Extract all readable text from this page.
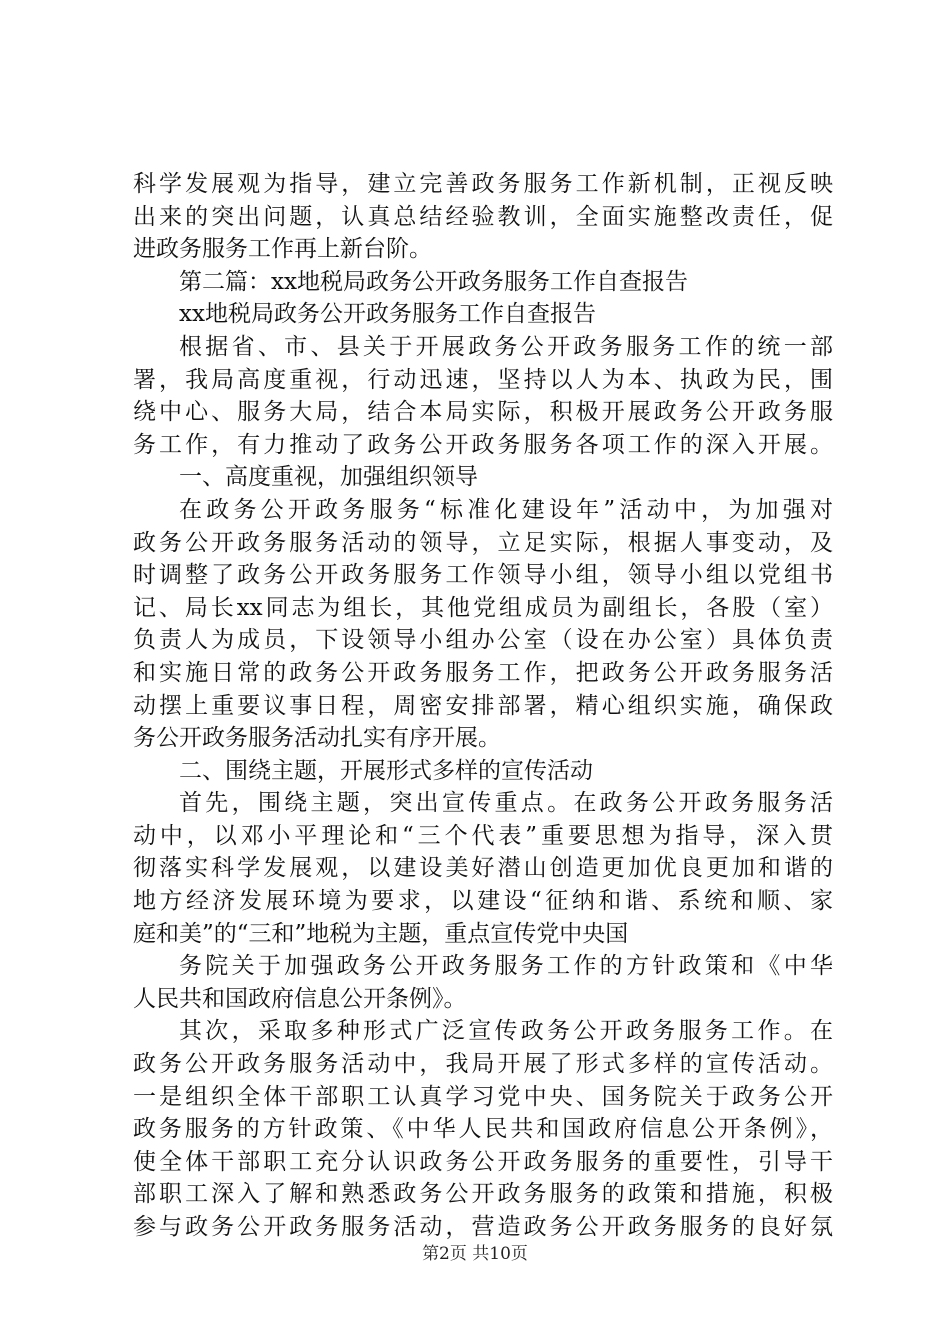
科学发展观为指导，建立完善政务服务工作新机制，正视反映
出来的突出问题，认真总结经验教训，全面实施整改责任，促
进政务服务工作再上新台阶。
第二篇：xx地税局政务公开政务服务工作自查报告
xx地税局政务公开政务服务工作自查报告
根据省、市、县关于开展政务公开政务服务工作的统一部
署，我局高度重视，行动迅速，坚持以人为本、执政为民，围
绕中心、服务大局，结合本局实际，积极开展政务公开政务服
务工作，有力推动了政务公开政务服务各项工作的深入开展。
一、高度重视，加强组织领导
在政务公开政务服务“标准化建设年”活动中，为加强对
政务公开政务服务活动的领导，立足实际，根据人事变动，及
时调整了政务公开政务服务工作领导小组，领导小组以党组书
记、局长xx同志为组长，其他党组成员为副组长，各股（室）
负责人为成员，下设领导小组办公室（设在办公室）具体负责
和实施日常的政务公开政务服务工作，把政务公开政务服务活
动摆上重要议事日程，周密安排部署，精心组织实施，确保政
务公开政务服务活动扎实有序开展。
二、围绕主题，开展形式多样的宣传活动
首先，围绕主题，突出宣传重点。在政务公开政务服务活
动中，以邓小平理论和“三个代表”重要思想为指导，深入贯
彻落实科学发展观，以建设美好潜山创造更加优良更加和谐的
地方经济发展环境为要求，以建设“征纳和谐、系统和顺、家
庭和美”的“三和”地税为主题，重点宣传党中央国
务院关于加强政务公开政务服务工作的方针政策和《中华
人民共和国政府信息公开条例》。
其次，采取多种形式广泛宣传政务公开政务服务工作。在
政务公开政务服务活动中，我局开展了形式多样的宣传活动。
一是组织全体干部职工认真学习党中央、国务院关于政务公开
政务服务的方针政策、《中华人民共和国政府信息公开条例》，
使全体干部职工充分认识政务公开政务服务的重要性，引导干
部职工深入了解和熟悉政务公开政务服务的政策和措施，积极
参与政务公开政务服务活动，营造政务公开政务服务的良好氛
第2页 共10页
